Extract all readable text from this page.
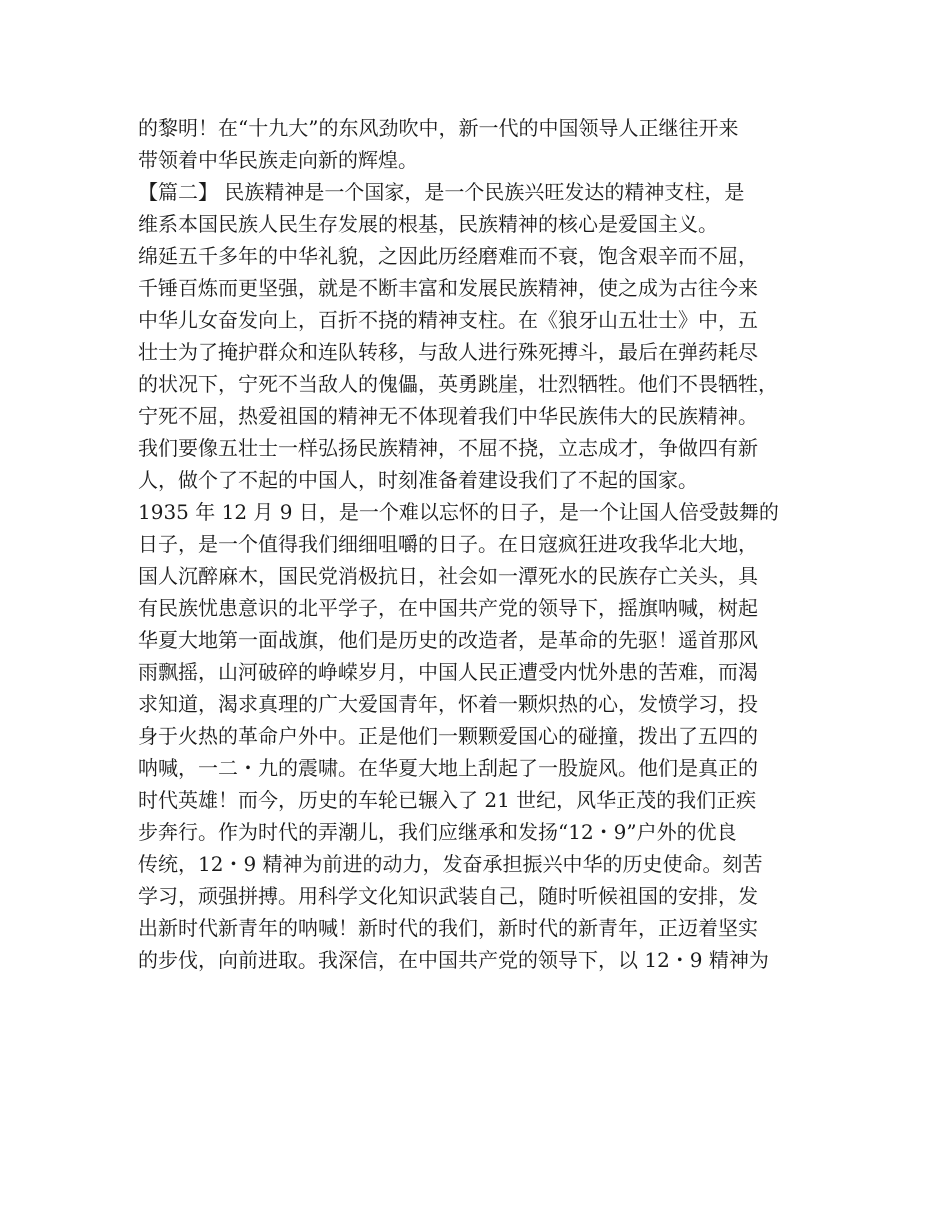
的黎明！在“十九大”的东风劲吹中，新一代的中国领导人正继往开来
带领着中华民族走向新的辉煌。
【篇二】 民族精神是一个国家，是一个民族兴旺发达的精神支柱，是
维系本国民族人民生存发展的根基，民族精神的核心是爱国主义。
绵延五千多年的中华礼貌，之因此历经磨难而不衰，饱含艰辛而不屈，
千锤百炼而更坚强，就是不断丰富和发展民族精神，使之成为古往今来
中华儿女奋发向上，百折不挠的精神支柱。在《狼牙山五壮士》中，五
壮士为了掩护群众和连队转移，与敌人进行殊死搏斗，最后在弹药耗尽
的状况下，宁死不当敌人的傀儡，英勇跳崖，壮烈牺牲。他们不畏牺牲，
宁死不屈，热爱祖国的精神无不体现着我们中华民族伟大的民族精神。
我们要像五壮士一样弘扬民族精神，不屈不挠，立志成才，争做四有新
人，做个了不起的中国人，时刻准备着建设我们了不起的国家。
1935 年 12 月 9 日，是一个难以忘怀的日子，是一个让国人倍受鼓舞的
日子，是一个值得我们细细咀嚼的日子。在日寇疯狂进攻我华北大地，
国人沉醉麻木，国民党消极抗日，社会如一潭死水的民族存亡关头，具
有民族忧患意识的北平学子，在中国共产党的领导下，摇旗呐喊，树起
华夏大地第一面战旗，他们是历史的改造者，是革命的先驱！遥首那风
雨飘摇，山河破碎的峥嵘岁月，中国人民正遭受内忧外患的苦难，而渴
求知道，渴求真理的广大爱国青年，怀着一颗炽热的心，发愤学习，投
身于火热的革命户外中。正是他们一颗颗爱国心的碰撞，拨出了五四的
呐喊，一二・九的震啸。在华夏大地上刮起了一股旋风。他们是真正的
时代英雄！而今，历史的车轮已辗入了 21 世纪，风华正茂的我们正疾
步奔行。作为时代的弄潮儿，我们应继承和发扬“12・9”户外的优良
传统，12・9 精神为前进的动力，发奋承担振兴中华的历史使命。刻苦
学习，顽强拼搏。用科学文化知识武装自己，随时听候祖国的安排，发
出新时代新青年的呐喊！新时代的我们，新时代的新青年，正迈着坚实
的步伐，向前进取。我深信，在中国共产党的领导下，以 12・9 精神为
